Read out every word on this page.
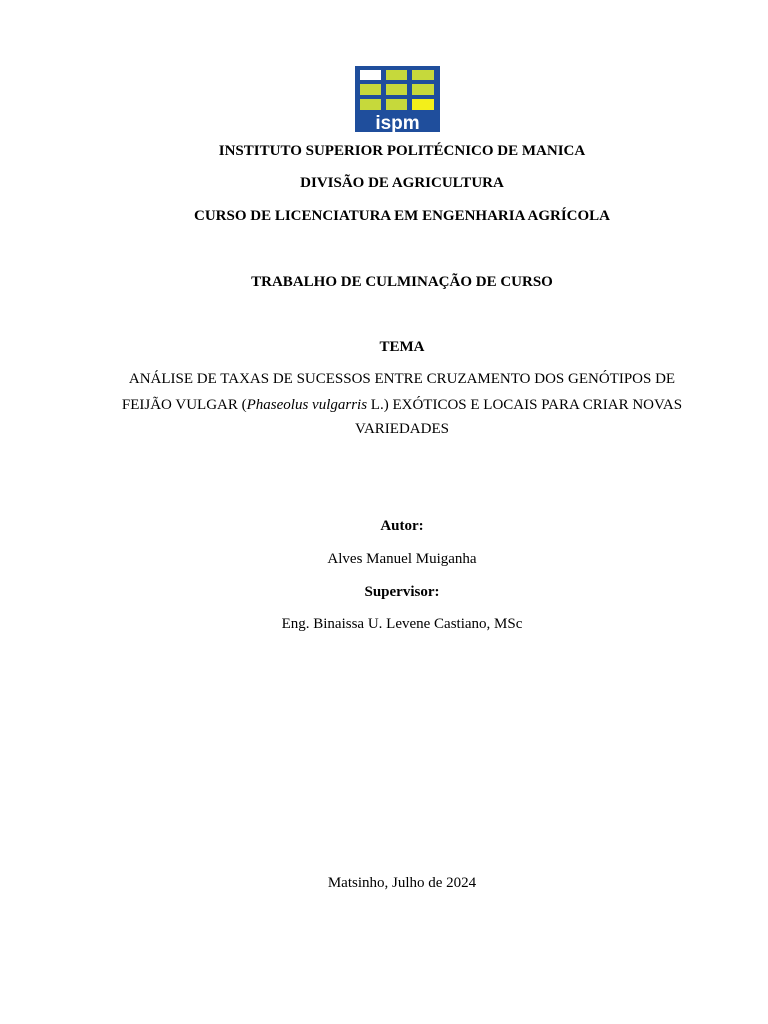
ispm
INSTITUTO SUPERIOR POLITÉCNICO DE MANICA
DIVISÃO DE AGRICULTURA
CURSO DE LICENCIATURA EM ENGENHARIA AGRÍCOLA
TRABALHO DE CULMINAÇÃO DE CURSO
TEMA
ANÁLISE DE TAXAS DE SUCESSOS ENTRE CRUZAMENTO DOS GENÓTIPOS DE
FEIJÃO VULGAR (Phaseolus vulgarris L.) EXÓTICOS E LOCAIS PARA CRIAR NOVAS
VARIEDADES
Autor:
Alves Manuel Muiganha
Supervisor:
Eng. Binaissa U. Levene Castiano, MSc
Matsinho, Julho de 2024
